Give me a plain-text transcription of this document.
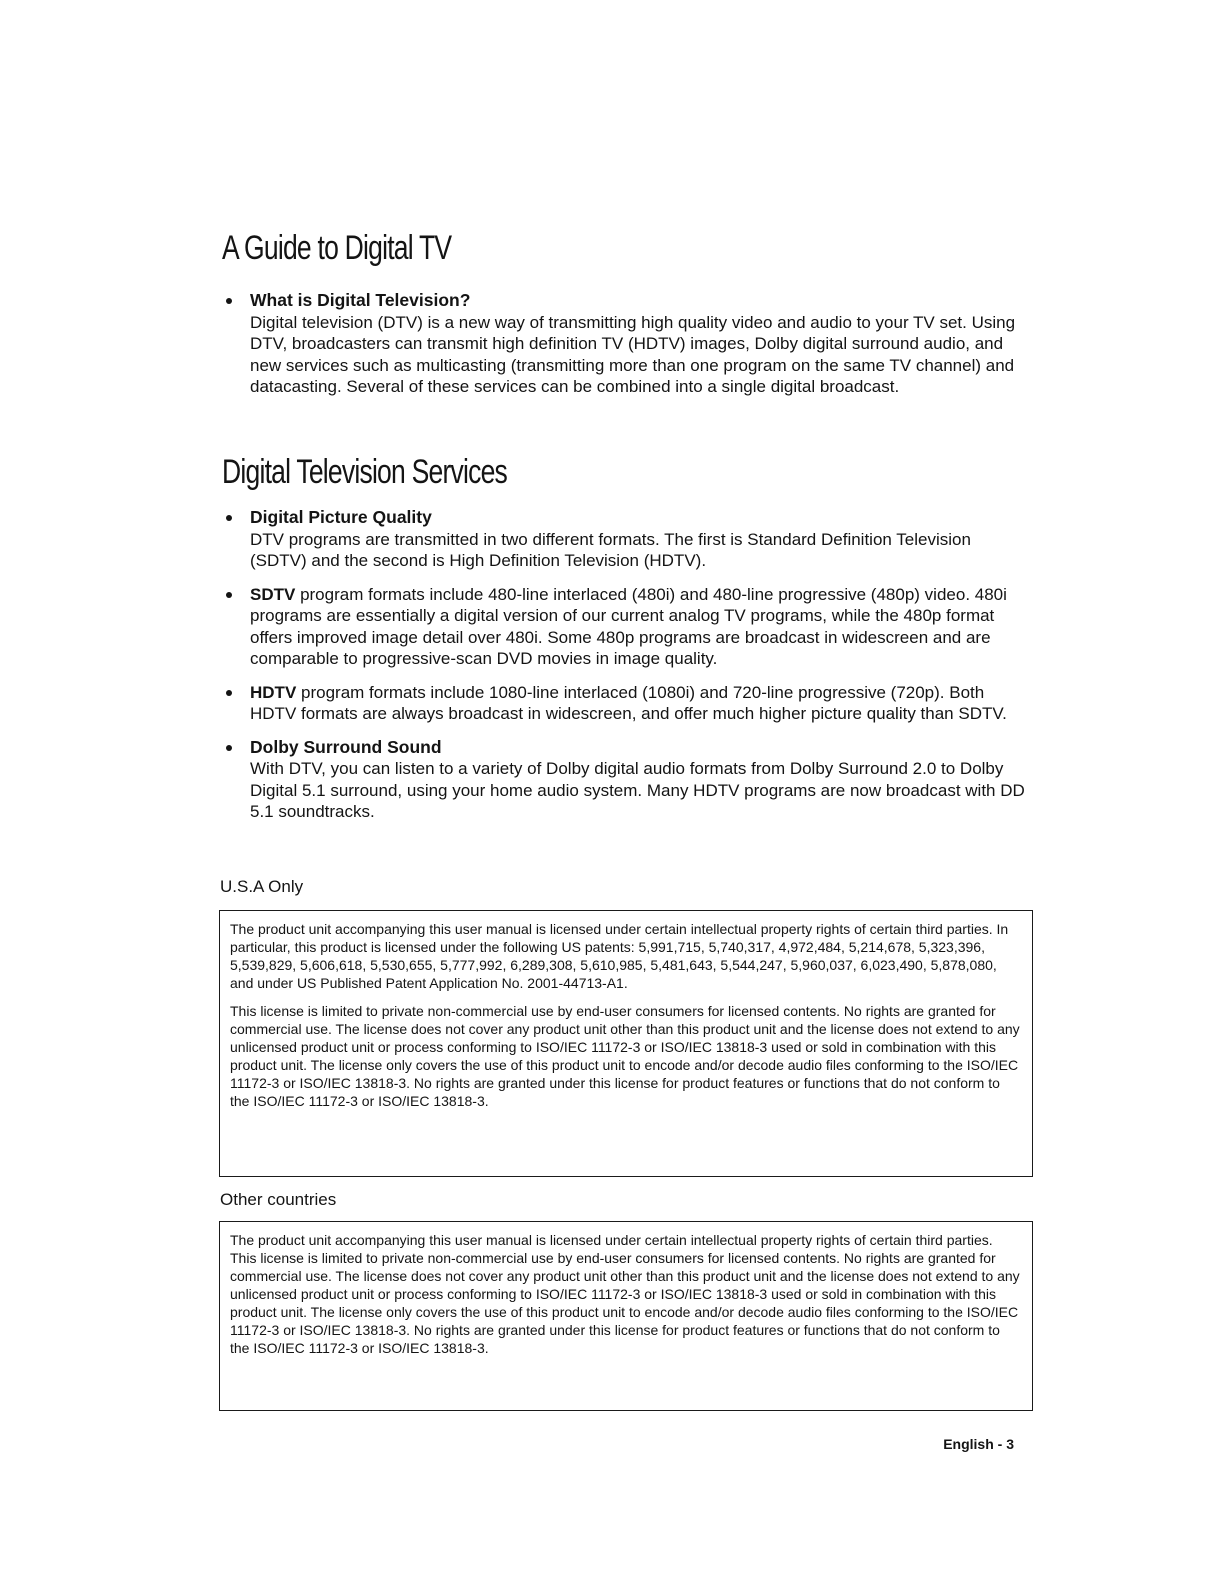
A Guide to Digital TV
What is Digital Television?
Digital television (DTV) is a new way of transmitting high quality video and audio to your TV set. Using DTV, broadcasters can transmit high definition TV (HDTV) images, Dolby digital surround audio, and new services such as multicasting (transmitting more than one program on the same TV channel) and datacasting. Several of these services can be combined into a single digital broadcast.
Digital Television Services
Digital Picture Quality
DTV programs are transmitted in two different formats. The first is Standard Definition Television (SDTV) and the second is High Definition Television (HDTV).
SDTV program formats include 480-line interlaced (480i) and 480-line progressive (480p) video. 480i programs are essentially a digital version of our current analog TV programs, while the 480p format offers improved image detail over 480i. Some 480p programs are broadcast in widescreen and are comparable to progressive-scan DVD movies in image quality.
HDTV program formats include 1080-line interlaced (1080i) and 720-line progressive (720p). Both HDTV formats are always broadcast in widescreen, and offer much higher picture quality than SDTV.
Dolby Surround Sound
With DTV, you can listen to a variety of Dolby digital audio formats from Dolby Surround 2.0 to Dolby Digital 5.1 surround, using your home audio system. Many HDTV programs are now broadcast with DD 5.1 soundtracks.

U.S.A Only

The product unit accompanying this user manual is licensed under certain intellectual property rights of certain third parties. In particular, this product is licensed under the following US patents: 5,991,715, 5,740,317, 4,972,484, 5,214,678, 5,323,396, 5,539,829, 5,606,618, 5,530,655, 5,777,992, 6,289,308, 5,610,985, 5,481,643, 5,544,247, 5,960,037, 6,023,490, 5,878,080, and under US Published Patent Application No. 2001-44713-A1.

This license is limited to private non-commercial use by end-user consumers for licensed contents. No rights are granted for commercial use. The license does not cover any product unit other than this product unit and the license does not extend to any unlicensed product unit or process conforming to ISO/IEC 11172-3 or ISO/IEC 13818-3 used or sold in combination with this product unit. The license only covers the use of this product unit to encode and/or decode audio files conforming to the ISO/IEC 11172-3 or ISO/IEC 13818-3. No rights are granted under this license for product features or functions that do not conform to the ISO/IEC 11172-3 or ISO/IEC 13818-3.

Other countries

The product unit accompanying this user manual is licensed under certain intellectual property rights of certain third parties. This license is limited to private non-commercial use by end-user consumers for licensed contents. No rights are granted for commercial use. The license does not cover any product unit other than this product unit and the license does not extend to any unlicensed product unit or process conforming to ISO/IEC 11172-3 or ISO/IEC 13818-3 used or sold in combination with this product unit. The license only covers the use of this product unit to encode and/or decode audio files conforming to the ISO/IEC 11172-3 or ISO/IEC 13818-3. No rights are granted under this license for product features or functions that do not conform to the ISO/IEC 11172-3 or ISO/IEC 13818-3.

English - 3
